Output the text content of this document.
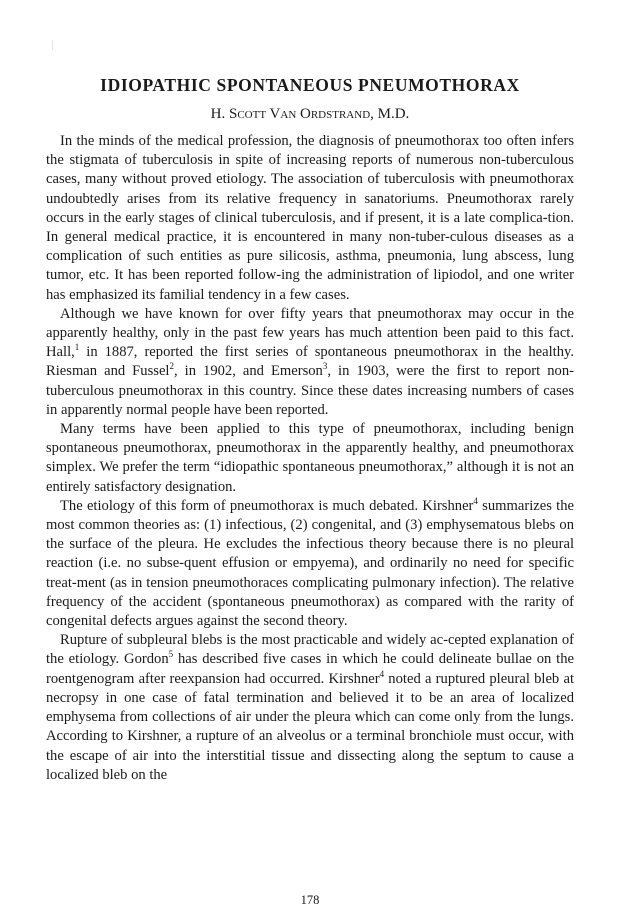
IDIOPATHIC SPONTANEOUS PNEUMOTHORAX
H. Scott Van Ordstrand, M.D.

In the minds of the medical profession, the diagnosis of pneumothorax too often infers the stigmata of tuberculosis in spite of increasing reports of numerous non-tuberculous cases, many without proved etiology. The association of tuberculosis with pneumothorax undoubtedly arises from its relative frequency in sanatoriums. Pneumothorax rarely occurs in the early stages of clinical tuberculosis, and if present, it is a late complica-tion. In general medical practice, it is encountered in many non-tuber-culous diseases as a complication of such entities as pure silicosis, asthma, pneumonia, lung abscess, lung tumor, etc. It has been reported follow-ing the administration of lipiodol, and one writer has emphasized its familial tendency in a few cases.

Although we have known for over fifty years that pneumothorax may occur in the apparently healthy, only in the past few years has much attention been paid to this fact. Hall,$^1$ in 1887, reported the first series of spontaneous pneumothorax in the healthy. Riesman and Fussel$^2$, in 1902, and Emerson$^3$, in 1903, were the first to report non-tuberculous pneumothorax in this country. Since these dates increasing numbers of cases in apparently normal people have been reported.

Many terms have been applied to this type of pneumothorax, including benign spontaneous pneumothorax, pneumothorax in the apparently healthy, and pneumothorax simplex. We prefer the term “idiopathic spontaneous pneumothorax,” although it is not an entirely satisfactory designation.

The etiology of this form of pneumothorax is much debated. Kirshner$^4$ summarizes the most common theories as: (1) infectious, (2) congenital, and (3) emphysematous blebs on the surface of the pleura. He excludes the infectious theory because there is no pleural reaction (i.e. no subse-quent effusion or empyema), and ordinarily no need for specific treat-ment (as in tension pneumothoraces complicating pulmonary infection). The relative frequency of the accident (spontaneous pneumothorax) as compared with the rarity of congenital defects argues against the second theory.

Rupture of subpleural blebs is the most practicable and widely ac-cepted explanation of the etiology. Gordon$^5$ has described five cases in which he could delineate bullae on the roentgenogram after reexpansion had occurred. Kirshner$^4$ noted a ruptured pleural bleb at necropsy in one case of fatal termination and believed it to be an area of localized emphysema from collections of air under the pleura which can come only from the lungs. According to Kirshner, a rupture of an alveolus or a terminal bronchiole must occur, with the escape of air into the interstitial tissue and dissecting along the septum to cause a localized bleb on the

178
